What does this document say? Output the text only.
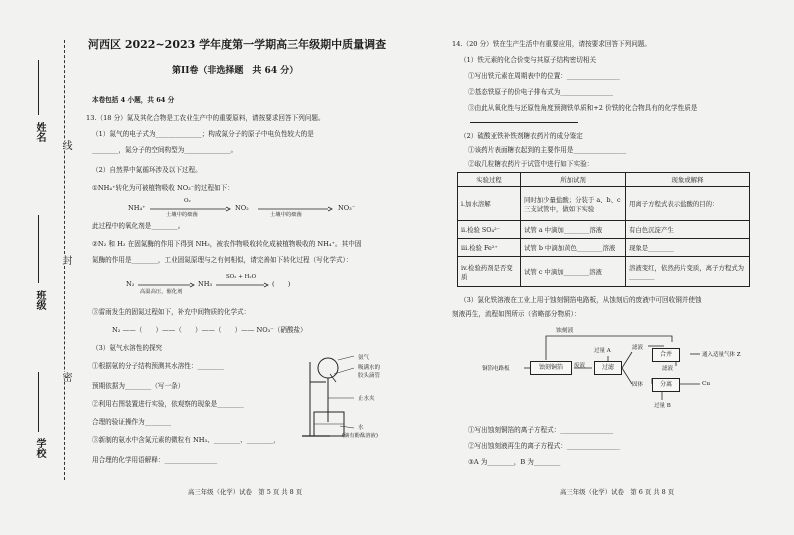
姓名
班级
学校
线
封
密
河西区 2022~2023 学年度第一学期高三年级期中质量调查
第II卷（非选择题　共 64 分）
本卷包括 4 小题，共 64 分
13.（18 分）氮及其化合物是工农业生产中的重要原料，请按要求回答下列问题。
（1）氮气的电子式为______________；构成氮分子的原子中电负性较大的是
________，氮分子的空间构型为______________。
（2）自然界中氮循环涉及以下过程。
①NH₄⁺转化为可被植物吸收 NO₃⁻的过程如下：
NH₄⁺
O₂
土壤中的细菌
NO₂
土壤中的细菌
NO₃⁻
此过程中的氧化剂是________。
②N₂ 和 H₂ 在固氮酶的作用下得到 NH₃，被农作物吸收转化成被植物吸收的 NH₄⁺。其中固
氮酶的作用是________，工业固氮原理与之有何相似，请完善如下转化过程（写化学式）：
N₂
高温高压，催化剂
NH₃
SO₂ + H₂O
(　　)
③雷雨发生的固氮过程如下，补充中间物质的化学式：
N₂ ——（　　）——（　　）——（　　）—— NO₃⁻（硝酸盐）
（3）氨气水溶性的探究
①根据氨的分子结构预测其水溶性：________
预期依据为________（写一条）
②利用右图装置进行实验，依观察的现象是________
合理的验证操作为________
③新制的氨水中含氮元素的微粒有 NH₃、________、________，
用合理的化学用语解释：________________
氨气
吸满水的
胶头滴管
止水夹
水
(滴有酚酞溶液)
高三年级（化学）试卷　第 5 页 共 8 页
14.（20 分）铁在生产生活中有重要应用，请按要求回答下列问题。
（1）铁元素的化合价变与其原子结构密切相关
①写出铁元素在周期表中的位置：________________
②基态铁原子的价电子排布式为________________
③由此从氧化性与还原性角度预测铁单质和+2 价铁的化合物具有的化学性质是
（2）硫酸亚铁补铁剂糖衣药片的成分鉴定
①该药片表面糖衣起到的主要作用是________________
②取几粒糖衣药片于试管中进行如下实验：
实验过程	所加试剂	现象或解释
i.加水溶解	同时加少量盐酸；分装于 a、b、c 三支试管中，做如下实验	用离子方程式表示盐酸的目的：
ii.检验 SO₄²⁻	试管 a 中滴加________溶液	有白色沉淀产生
iii.检验 Fe²⁺	试管 b 中滴加黄色________溶液	现象是________
iv.检验药剂是否变质	试管 c 中滴加________溶液	溶液变红，依然药片变质，离子方程式为________
（3）氯化铁溶液在工业上用于蚀刻铜箔电路板，从蚀刻后的废液中可回收铜并使蚀
刻液再生，流程如图所示（省略部分物质）：
蚀刻液
铜箔电路板	蚀刻铜箔	废液
过量 A
过滤
滤液
合并	通入适量气体 Z
固体
滤液
分离	Cu
过量 B
①写出蚀刻铜箔的离子方程式：________________
②写出蚀刻液再生的离子方程式：________________
③A 为________，B 为________
高三年级（化学）试卷　第 6 页 共 8 页
